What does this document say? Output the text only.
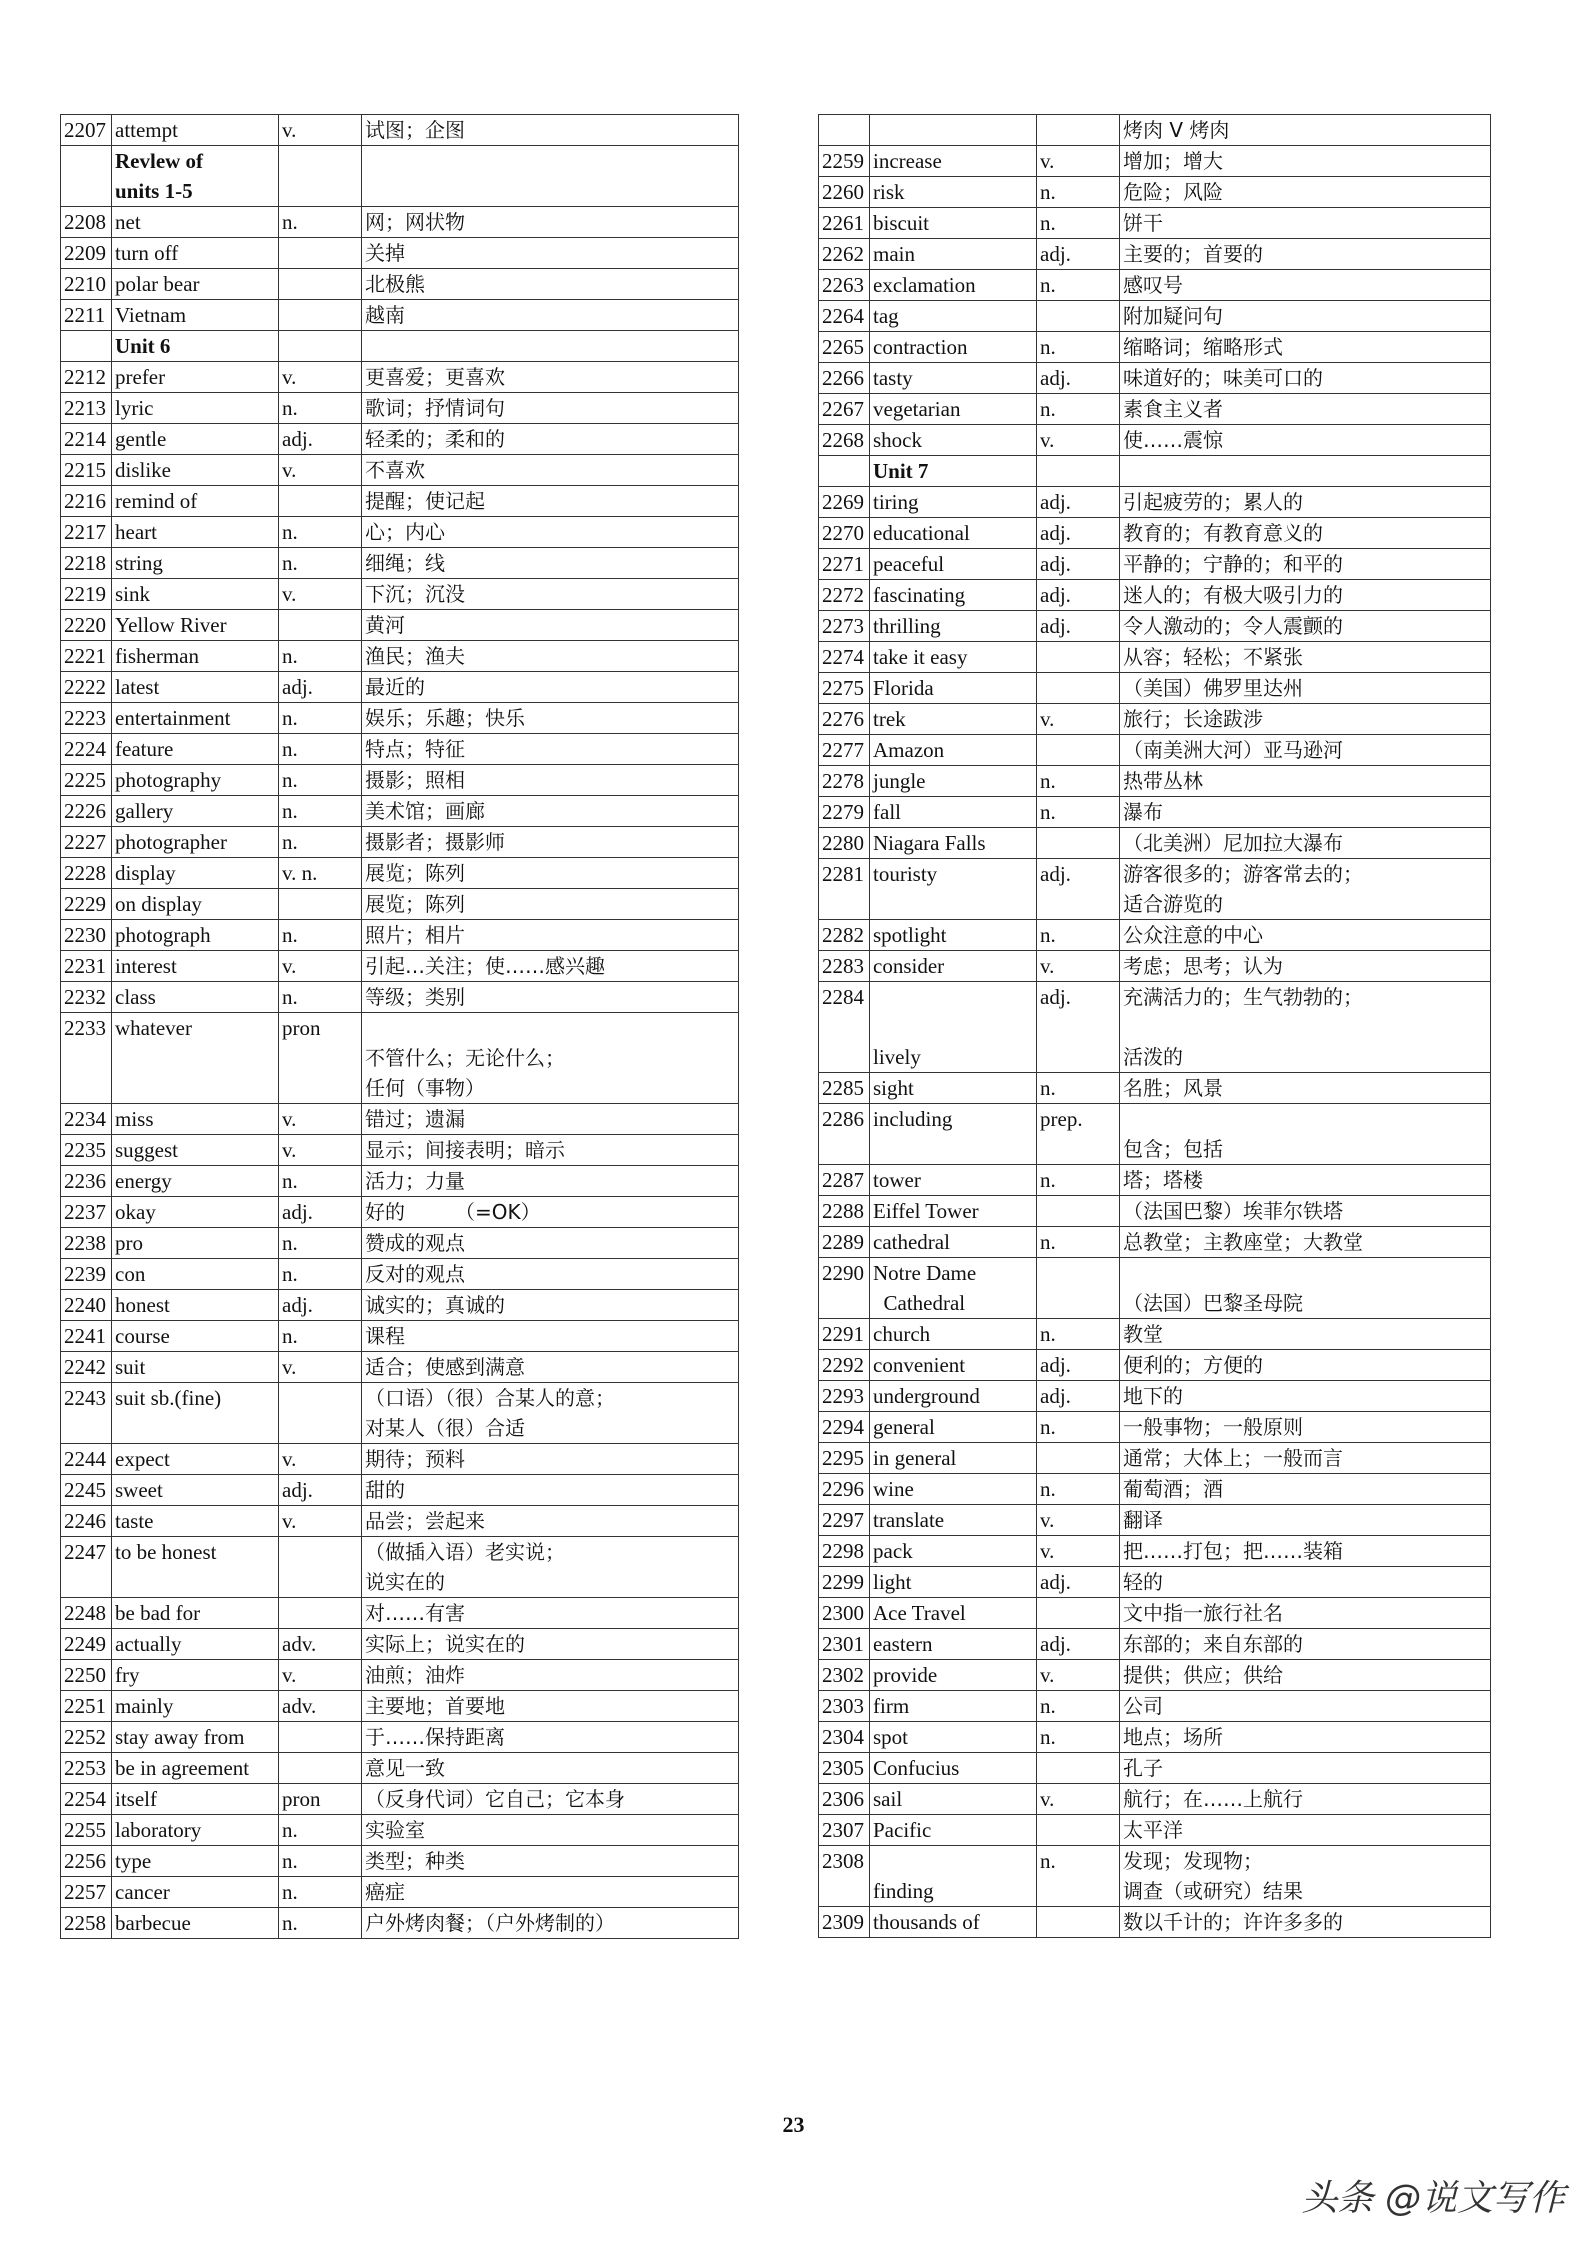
2207	attempt	v.	试图；企图

	Revlew of
units 1-5		

2208	net	n.	网；网状物
2209	turn off		关掉
2210	polar bear		北极熊
2211	Vietnam		越南
	Unit 6		
2212	prefer	v.	更喜爱；更喜欢
2213	lyric	n.	歌词；抒情词句
2214	gentle	adj.	轻柔的；柔和的
2215	dislike	v.	不喜欢
2216	remind of		提醒；使记起
2217	heart	n.	心；内心
2218	string	n.	细绳；线
2219	sink	v.	下沉；沉没
2220	Yellow River		黄河
2221	fisherman	n.	渔民；渔夫
2222	latest	adj.	最近的
2223	entertainment	n.	娱乐；乐趣；快乐
2224	feature	n.	特点；特征
2225	photography	n.	摄影；照相
2226	gallery	n.	美术馆；画廊
2227	photographer	n.	摄影者；摄影师
2228	display	v. n.	展览；陈列
2229	on display		展览；陈列
2230	photograph	n.	照片；相片
2231	interest	v.	引起…关注；使……感兴趣
2232	class	n.	等级；类别
2233	whatever	pron	不管什么；无论什么；
任何（事物）

2234	miss	v.	错过；遗漏
2235	suggest	v.	显示；间接表明；暗示
2236	energy	n.	活力；力量
2237	okay	adj.	好的　　　（=OK）
2238	pro	n.	赞成的观点
2239	con	n.	反对的观点
2240	honest	adj.	诚实的；真诚的
2241	course	n.	课程
2242	suit	v.	适合；使感到满意
2243	suit sb.(fine)		（口语）（很）合某人的意；
对某人（很）合适

2244	expect	v.	期待；预料
2245	sweet	adj.	甜的
2246	taste	v.	品尝；尝起来
2247	to be honest		（做插入语）老实说；
说实在的

2248	be bad for		对……有害
2249	actually	adv.	实际上；说实在的
2250	fry	v.	油煎；油炸
2251	mainly	adv.	主要地；首要地
2252	stay away from		于……保持距离
2253	be in agreement		意见一致
2254	itself	pron	（反身代词）它自己；它本身
2255	laboratory	n.	实验室
2256	type	n.	类型；种类
2257	cancer	n.	癌症
2258	barbecue	n.	户外烤肉餐；（户外烤制的）
			烤肉 V 烤肉
2259	increase	v.	增加；增大
2260	risk	n.	危险；风险
2261	biscuit	n.	饼干
2262	main	adj.	主要的；首要的
2263	exclamation	n.	感叹号
2264	tag		附加疑问句
2265	contraction	n.	缩略词；缩略形式
2266	tasty	adj.	味道好的；味美可口的
2267	vegetarian	n.	素食主义者
2268	shock	v.	使……震惊
	Unit 7		
2269	tiring	adj.	引起疲劳的；累人的
2270	educational	adj.	教育的；有教育意义的
2271	peaceful	adj.	平静的；宁静的；和平的
2272	fascinating	adj.	迷人的；有极大吸引力的
2273	thrilling	adj.	令人激动的；令人震颤的
2274	take it easy		从容；轻松；不紧张
2275	Florida		（美国）佛罗里达州
2276	trek	v.	旅行；长途跋涉
2277	Amazon		（南美洲大河）亚马逊河
2278	jungle	n.	热带丛林
2279	fall	n.	瀑布
2280	Niagara Falls		（北美洲）尼加拉大瀑布
2281	touristy	adj.	游客很多的；游客常去的；
适合游览的

2282	spotlight	n.	公众注意的中心
2283	consider	v.	考虑；思考；认为
2284	lively	adj.	充满活力的；生气勃勃的；

活泼的

2285	sight	n.	名胜；风景
2286	including	prep.	包含；包括

2287	tower	n.	塔；塔楼
2288	Eiffel Tower		（法国巴黎）埃菲尔铁塔
2289	cathedral	n.	总教堂；主教座堂；大教堂
2290	Notre Dame
Cathedral		（法国）巴黎圣母院

2291	church	n.	教堂
2292	convenient	adj.	便利的；方便的
2293	underground	adj.	地下的
2294	general	n.	一般事物；一般原则
2295	in general		通常；大体上；一般而言
2296	wine	n.	葡萄酒；酒
2297	translate	v.	翻译
2298	pack	v.	把……打包；把……装箱
2299	light	adj.	轻的
2300	Ace Travel		文中指一旅行社名
2301	eastern	adj.	东部的；来自东部的
2302	provide	v.	提供；供应；供给
2303	firm	n.	公司
2304	spot	n.	地点；场所
2305	Confucius		孔子
2306	sail	v.	航行；在……上航行
2307	Pacific		太平洋
2308	finding	n.	发现；发现物；
调查（或研究）结果

2309	thousands of		数以千计的；许许多多的
23
头条 @说文写作
